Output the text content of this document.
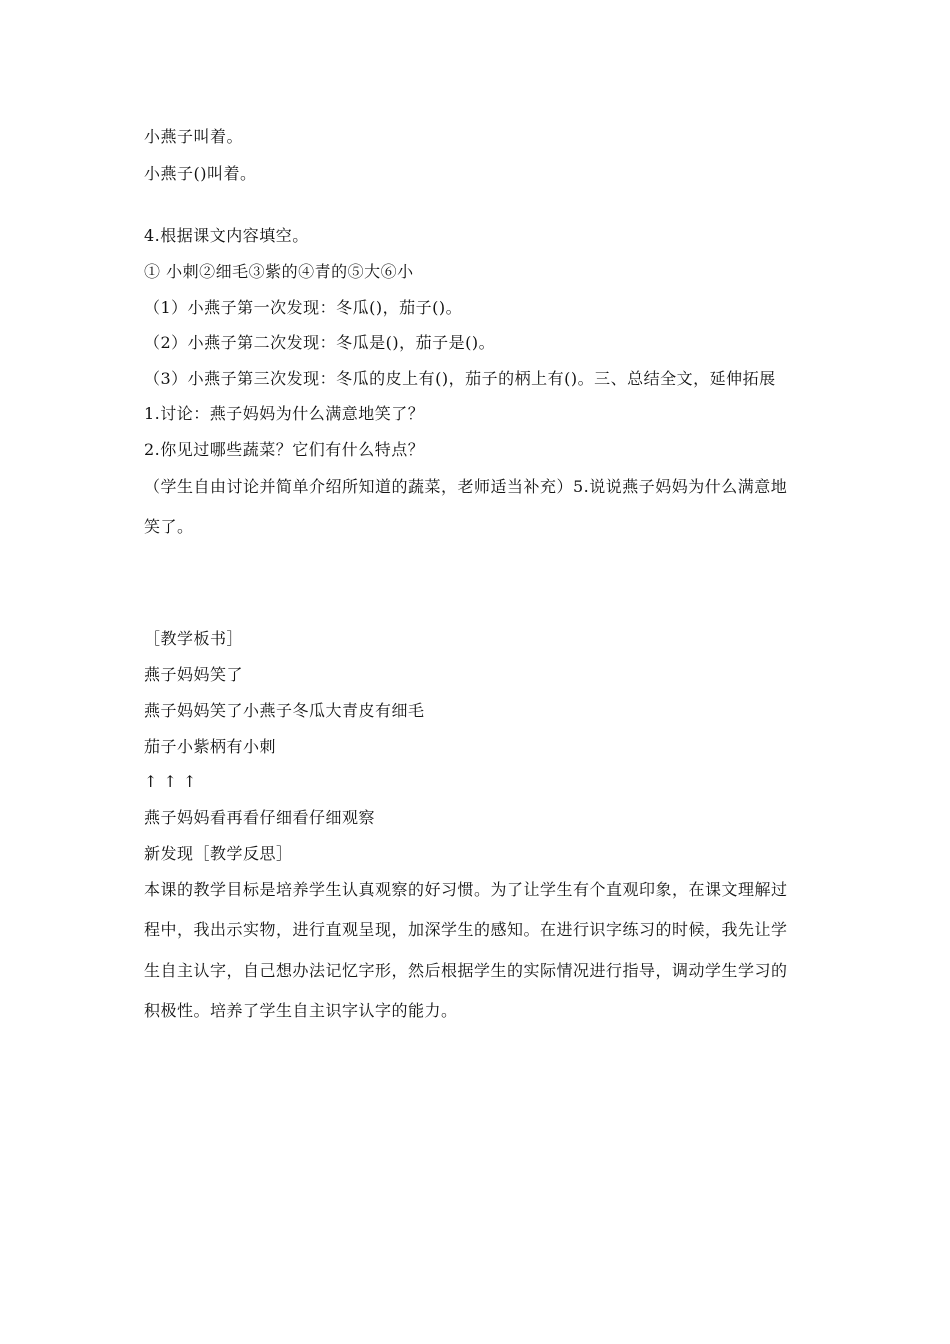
小燕子叫着。
小燕子()叫着。
4.根据课文内容填空。
① 小刺②细毛③紫的④青的⑤大⑥小
（1）小燕子第一次发现：冬瓜()，茄子()。
（2）小燕子第二次发现：冬瓜是()，茄子是()。
（3）小燕子第三次发现：冬瓜的皮上有()，茄子的柄上有()。三、总结全文，延伸拓展
1.讨论：燕子妈妈为什么满意地笑了？
2.你见过哪些蔬菜？它们有什么特点？
（学生自由讨论并简单介绍所知道的蔬菜，老师适当补充）5.说说燕子妈妈为什么满意地
笑了。
［教学板书］
燕子妈妈笑了
燕子妈妈笑了小燕子冬瓜大青皮有细毛
茄子小紫柄有小刺
↑ ↑ ↑
燕子妈妈看再看仔细看仔细观察
新发现［教学反思］
本课的教学目标是培养学生认真观察的好习惯。为了让学生有个直观印象，在课文理解过
程中，我出示实物，进行直观呈现，加深学生的感知。在进行识字练习的时候，我先让学
生自主认字，自己想办法记忆字形，然后根据学生的实际情况进行指导，调动学生学习的
积极性。培养了学生自主识字认字的能力。
